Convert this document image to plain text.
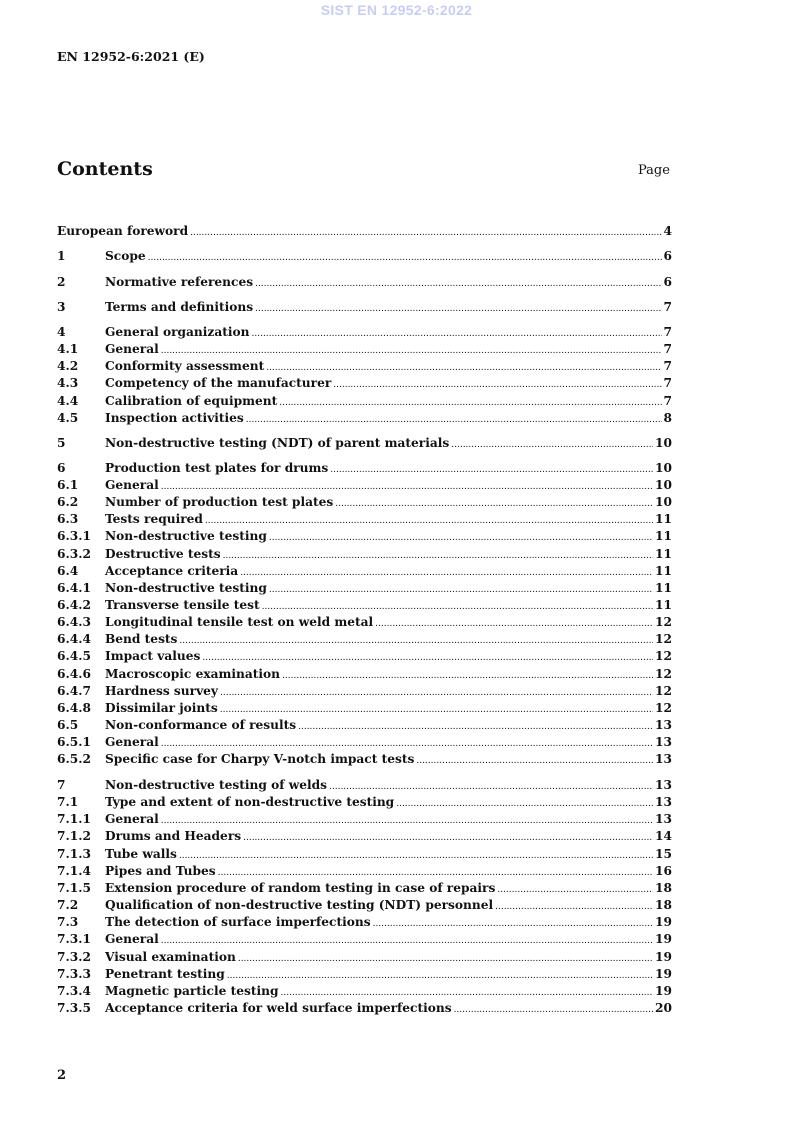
SIST EN 12952-6:2022
EN 12952-6:2021 (E)
Contents	Page
European foreword .....	4
1	Scope .....	6
2	Normative references .....	6
3	Terms and definitions .....	7
4	General organization .....	7
4.1	General .....	7
4.2	Conformity assessment .....	7
4.3	Competency of the manufacturer .....	7
4.4	Calibration of equipment .....	7
4.5	Inspection activities .....	8
5	Non-destructive testing (NDT) of parent materials .....	10
6	Production test plates for drums .....	10
6.1	General .....	10
6.2	Number of production test plates .....	10
6.3	Tests required .....	11
6.3.1	Non-destructive testing .....	11
6.3.2	Destructive tests .....	11
6.4	Acceptance criteria .....	11
6.4.1	Non-destructive testing .....	11
6.4.2	Transverse tensile test .....	11
6.4.3	Longitudinal tensile test on weld metal .....	12
6.4.4	Bend tests .....	12
6.4.5	Impact values .....	12
6.4.6	Macroscopic examination .....	12
6.4.7	Hardness survey .....	12
6.4.8	Dissimilar joints .....	12
6.5	Non-conformance of results .....	13
6.5.1	General .....	13
6.5.2	Specific case for Charpy V-notch impact tests .....	13
7	Non-destructive testing of welds .....	13
7.1	Type and extent of non-destructive testing .....	13
7.1.1	General .....	13
7.1.2	Drums and Headers .....	14
7.1.3	Tube walls .....	15
7.1.4	Pipes and Tubes .....	16
7.1.5	Extension procedure of random testing in case of repairs .....	18
7.2	Qualification of non-destructive testing (NDT) personnel .....	18
7.3	The detection of surface imperfections .....	19
7.3.1	General .....	19
7.3.2	Visual examination .....	19
7.3.3	Penetrant testing .....	19
7.3.4	Magnetic particle testing .....	19
7.3.5	Acceptance criteria for weld surface imperfections .....	20
2
